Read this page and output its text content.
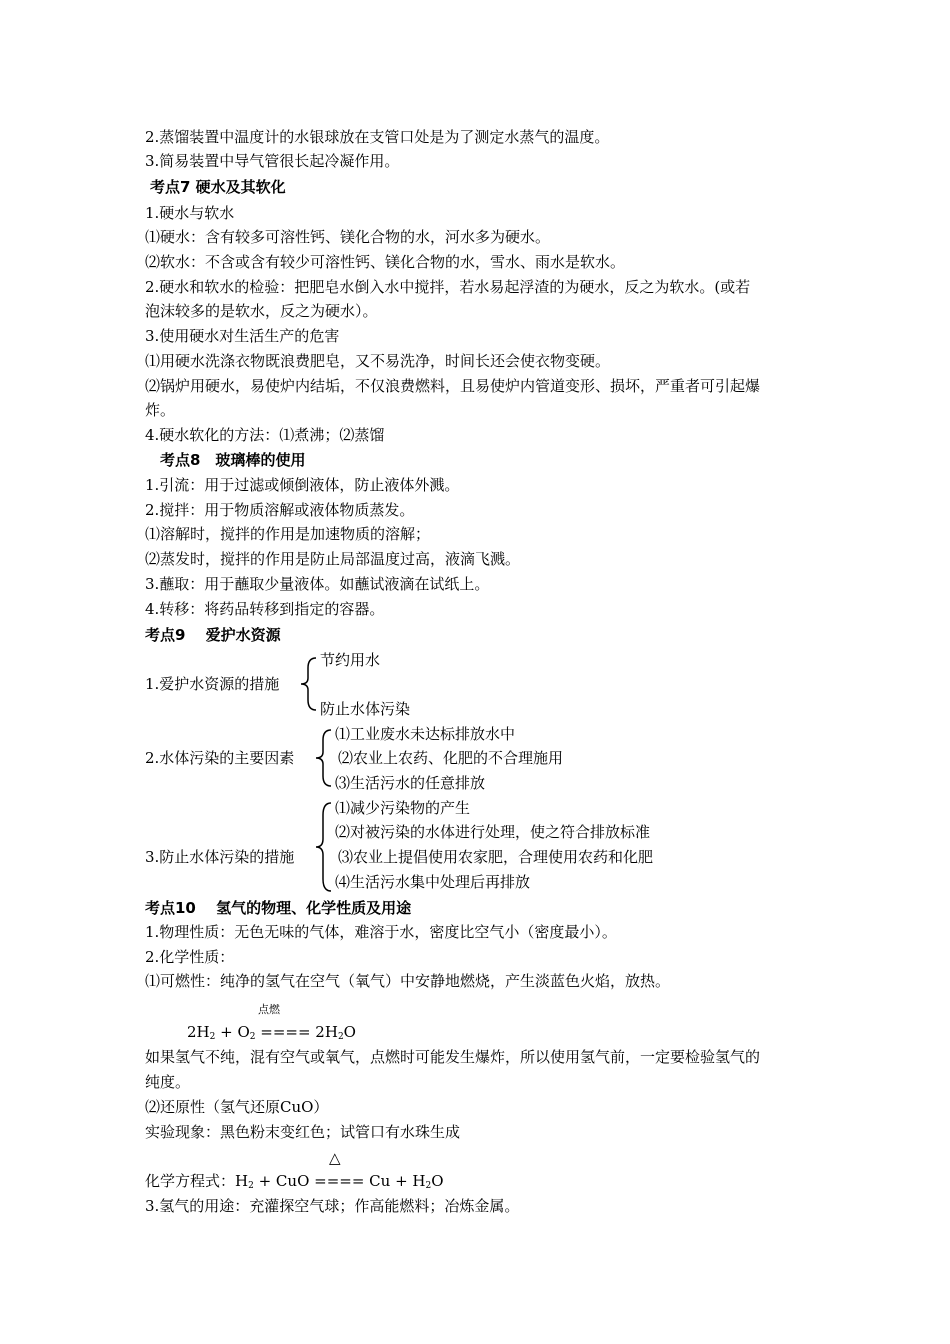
2.蒸馏装置中温度计的水银球放在支管口处是为了测定水蒸气的温度。
3.简易装置中导气管很长起冷凝作用。
考点7 硬水及其软化
1.硬水与软水
⑴硬水：含有较多可溶性钙、镁化合物的水，河水多为硬水。
⑵软水：不含或含有较少可溶性钙、镁化合物的水，雪水、雨水是软水。
2.硬水和软水的检验：把肥皂水倒入水中搅拌，若水易起浮渣的为硬水，反之为软水。(或若
泡沫较多的是软水，反之为硬水）。
3.使用硬水对生活生产的危害
⑴用硬水洗涤衣物既浪费肥皂，又不易洗净，时间长还会使衣物变硬。
⑵锅炉用硬水，易使炉内结垢，不仅浪费燃料，且易使炉内管道变形、损坏，严重者可引起爆
炸。
4.硬水软化的方法：⑴煮沸；⑵蒸馏
考点8　玻璃棒的使用
1.引流：用于过滤或倾倒液体，防止液体外溅。
2.搅拌：用于物质溶解或液体物质蒸发。
⑴溶解时，搅拌的作用是加速物质的溶解；
⑵蒸发时，搅拌的作用是防止局部温度过高，液滴飞溅。
3.蘸取：用于蘸取少量液体。如蘸试液滴在试纸上。
4.转移：将药品转移到指定的容器。
考点9　 爱护水资源
1.爱护水资源的措施
节约用水
防止水体污染
2.水体污染的主要因素
⑴工业废水未达标排放水中
⑵农业上农药、化肥的不合理施用
⑶生活污水的任意排放
3.防止水体污染的措施
⑴减少污染物的产生
⑵对被污染的水体进行处理，使之符合排放标准
⑶农业上提倡使用农家肥，合理使用农药和化肥
⑷生活污水集中处理后再排放
考点10　 氢气的物理、化学性质及用途
1.物理性质：无色无味的气体，难溶于水，密度比空气小（密度最小）。
2.化学性质：
⑴可燃性：纯净的氢气在空气（氧气）中安静地燃烧，产生淡蓝色火焰，放热。
点燃
$2H_2 + O_2$ ==== $2H_2O$
如果氢气不纯，混有空气或氧气，点燃时可能发生爆炸，所以使用氢气前，一定要检验氢气的
纯度。
⑵还原性（氢气还原CuO）
实验现象：黑色粉末变红色；试管口有水珠生成
△
化学方程式：$H_2$ + CuO ==== $Cu + H_2O$
3.氢气的用途：充灌探空气球；作高能燃料；冶炼金属。
